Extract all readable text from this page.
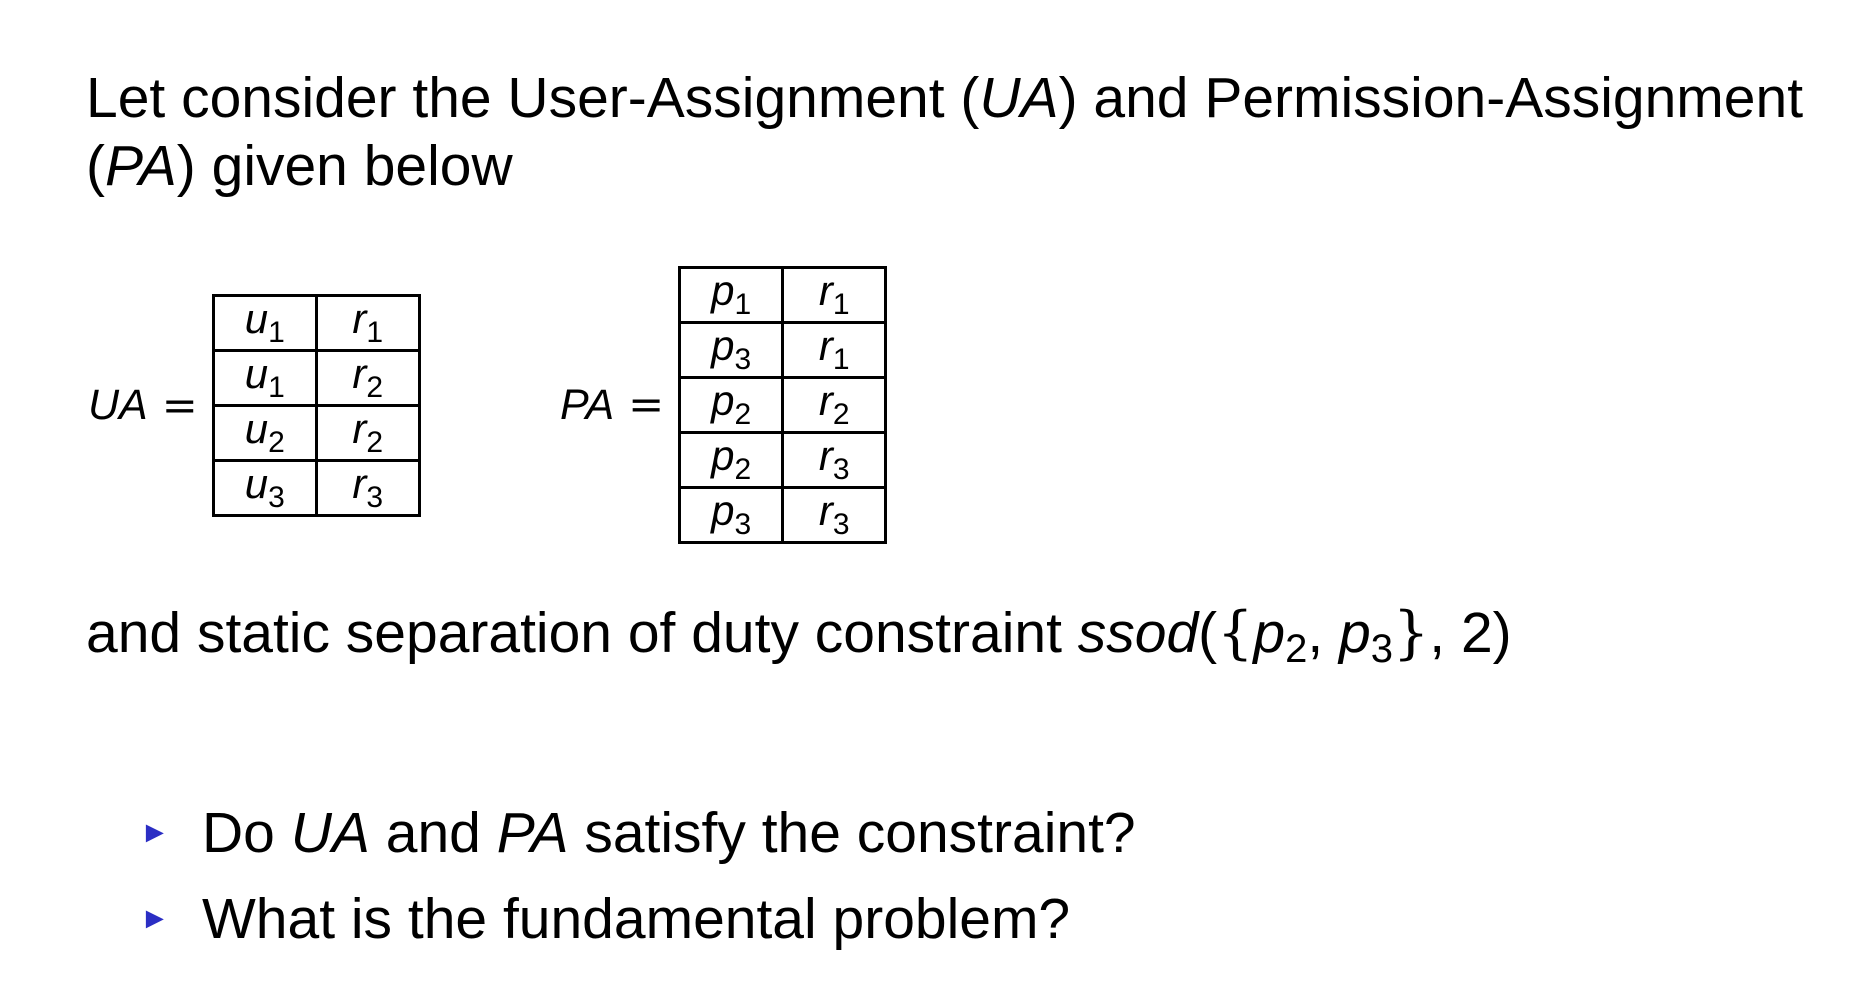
Let consider the User-Assignment (UA) and Permission-Assignment
(PA) given below

UA =
$u_1$	$r_1$
$u_1$	$r_2$
$u_2$	$r_2$
$u_3$	$r_3$
PA =
$p_1$	$r_1$
$p_3$	$r_1$
$p_2$	$r_2$
$p_2$	$r_3$
$p_3$	$r_3$

and static separation of duty constraint $ssod(\{p_2$, $p_3$}, 2)

► Do
UA and PA satisfy the constraint?
► What is the fundamental problem?
